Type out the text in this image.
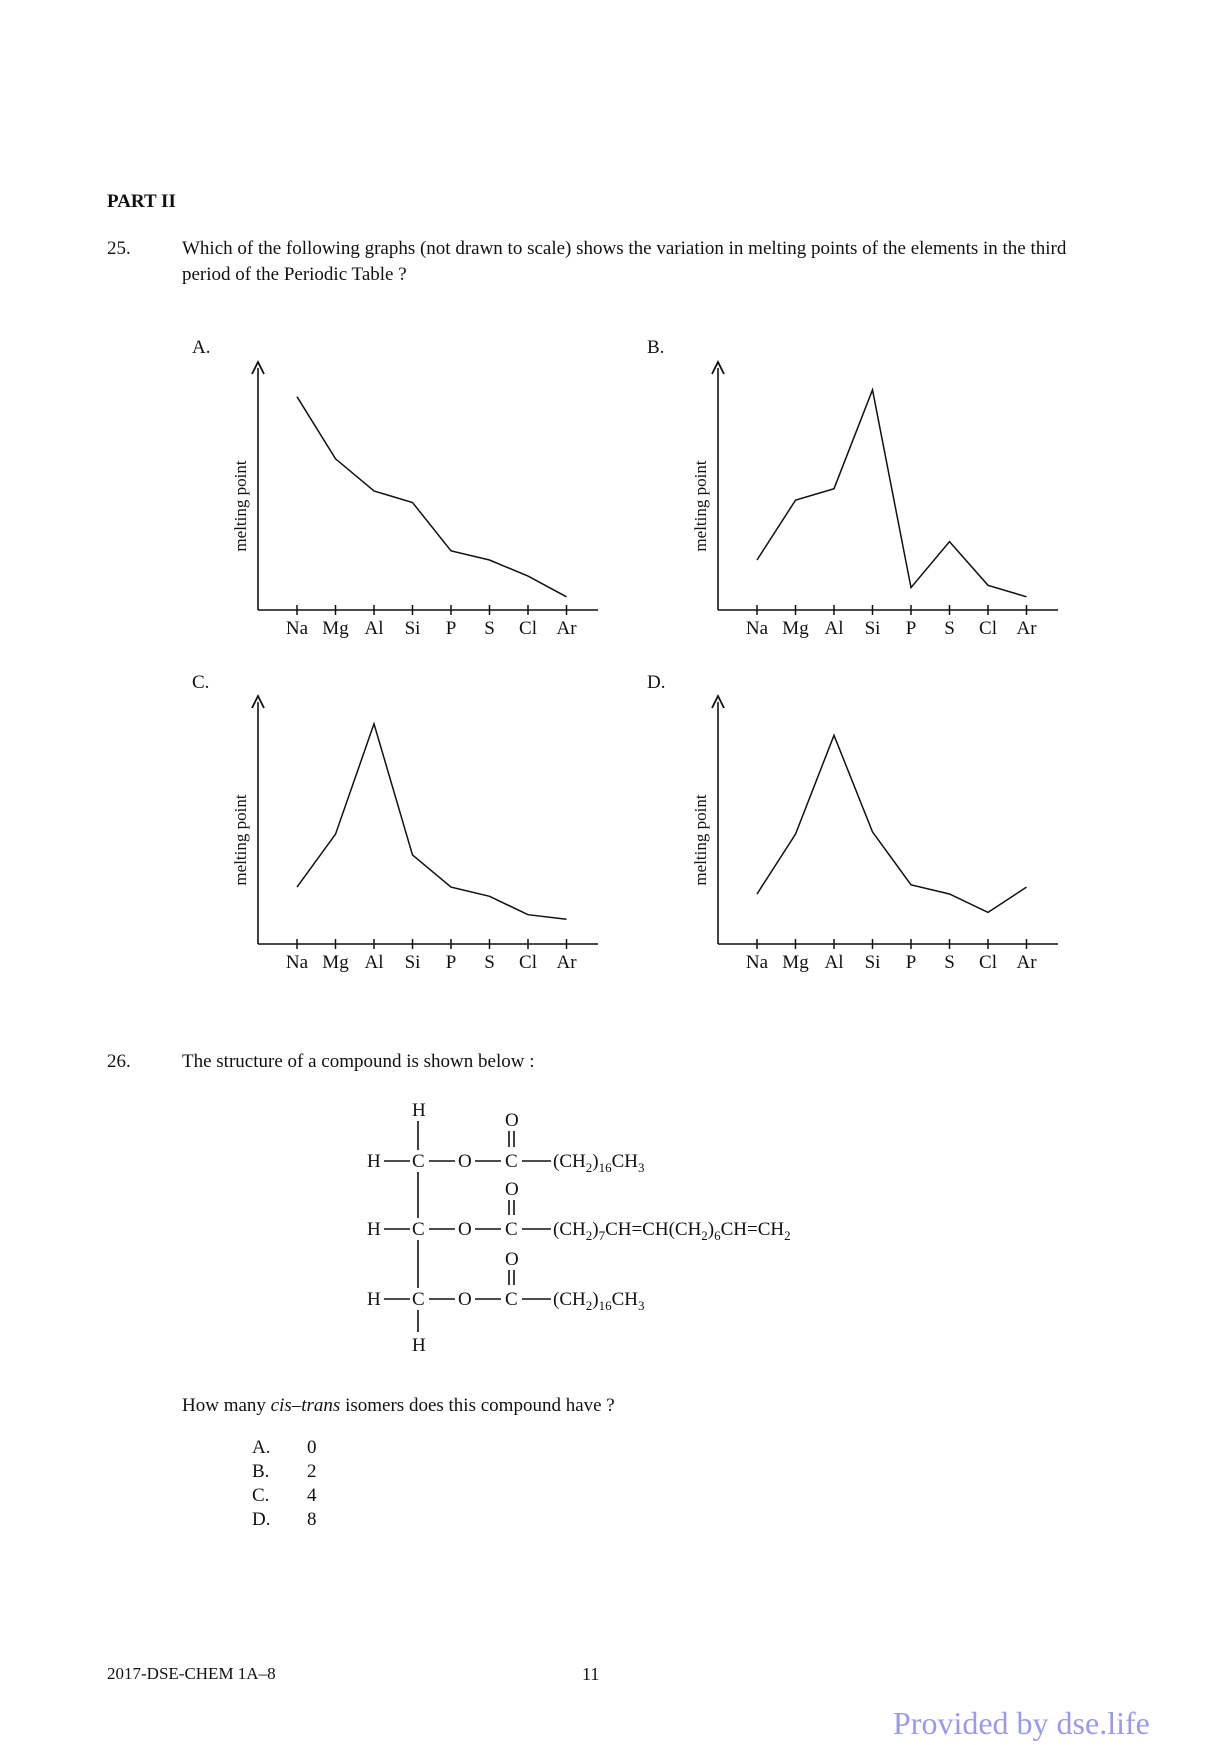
PART II
25.	Which of the following graphs (not drawn to scale) shows the variation in melting points of the elements in the third period of the Periodic Table ?
A.	B.
C.	D.
melting point
Na Mg Al Si P S Cl Ar
melting point
Na Mg Al Si P S Cl Ar
melting point
Na Mg Al Si P S Cl Ar
melting point
Na Mg Al Si P S Cl Ar
26.	The structure of a compound is shown below :
H
H C O C
O
$(CH_2)_{16}CH_3$
H C O C
O
$(CH_2)_7CH=CH(CH_2)_6CH=CH_2$
H C O C
O
$(CH_2)_{16}CH_3$
H
How many cis–trans isomers does this compound have ?
A.	0
B.	2
C.	4
D.	8
2017-DSE-CHEM 1A–8	11
Provided by dse.life
